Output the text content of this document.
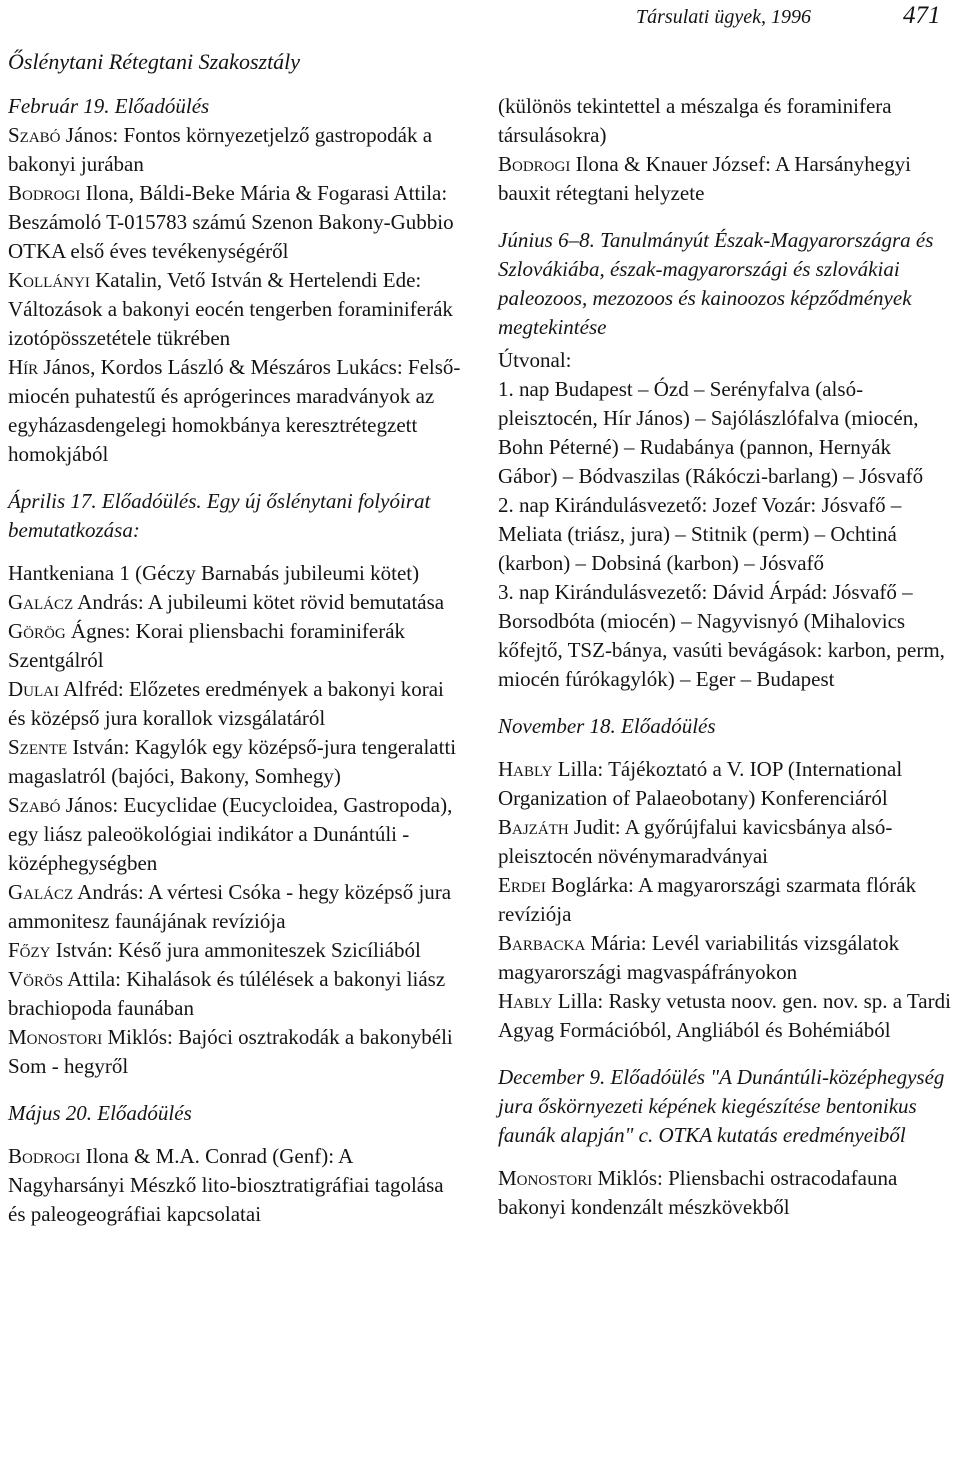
Társulati ügyek, 1996	471

Őslénytani Rétegtani Szakosztály

Február 19. Előadóülés

Szabó János: Fontos környezetjelző gastropodák a bakonyi jurában

Bodrogi Ilona, Báldi-Beke Mária & Fogarasi Attila: Beszámoló T-015783 számú Szenon Bakony-Gubbio OTKA első éves tevékenységéről

Kollányi Katalin, Vető István & Hertelendi Ede: Változások a bakonyi eocén tengerben foraminiferák izotópösszetétele tükrében

Hír János, Kordos László & Mészáros Lukács: Felső-miocén puhatestű és aprógerinces maradványok az egyházasdengelegi homokbánya keresztrétegzett homokjából

Április 17. Előadóülés. Egy új őslénytani folyóirat bemutatkozása:

Hantkeniana 1 (Géczy Barnabás jubileumi kötet)

Galácz András: A jubileumi kötet rövid bemutatása

Görög Ágnes: Korai pliensbachi foraminiferák Szentgálról

Dulai Alfréd: Előzetes eredmények a bakonyi korai és középső jura korallok vizsgálatáról

Szente István: Kagylók egy középső-jura tengeralatti magaslatról (bajóci, Bakony, Somhegy)

Szabó János: Eucyclidae (Eucycloidea, Gastropoda), egy liász paleoökológiai indikátor a Dunántúli - középhegységben

Galácz András: A vértesi Csóka - hegy középső jura ammonitesz faunájának revíziója

Főzy István: Késő jura ammoniteszek Szicíliából

Vörös Attila: Kihalások és túlélések a bakonyi liász brachiopoda faunában

Monostori Miklós: Bajóci osztrakodák a bakonybéli Som - hegyről

Május 20. Előadóülés

Bodrogi Ilona & M.A. Conrad (Genf): A Nagyharsányi Mészkő lito-biosztratigráfiai tagolása és paleogeográfiai kapcsolatai

(különös tekintettel a mészalga és foraminifera társulásokra)

Bodrogi Ilona & Knauer József: A Harsányhegyi bauxit rétegtani helyzete

Június 6–8. Tanulmányút Észak-Magyarországra és Szlovákiába, észak-magyarországi és szlovákiai paleozoos, mezozoos és kainoozos képződmények megtekintése

Útvonal:

1. nap Budapest – Ózd – Serényfalva (alsó-pleisztocén, Hír János) – Sajólászlófalva (miocén, Bohn Péterné) – Rudabánya (pannon, Hernyák Gábor) – Bódvaszilas (Rákóczi-barlang) – Jósvafő

2. nap Kirándulásvezető: Jozef Vozár: Jósvafő – Meliata (triász, jura) – Stitnik (perm) – Ochtiná (karbon) – Dobsiná (karbon) – Jósvafő

3. nap Kirándulásvezető: Dávid Árpád: Jósvafő – Borsodbóta (miocén) – Nagyvisnyó (Mihalovics kőfejtő, TSZ-bánya, vasúti bevágások: karbon, perm, miocén fúrókagylók) – Eger – Budapest

November 18. Előadóülés

Hably Lilla: Tájékoztató a V. IOP (International Organization of Palaeobotany) Konferenciáról

Bajzáth Judit: A győrújfalui kavicsbánya alsó-pleisztocén növénymaradványai

Erdei Boglárka: A magyarországi szarmata flórák revíziója

Barbacka Mária: Levél variabilitás vizsgálatok magyarországi magvaspáfrányokon

Hably Lilla: Rasky vetusta noov. gen. nov. sp. a Tardi Agyag Formációból, Angliából és Bohémiából

December 9. Előadóülés "A Dunántúli-középhegység jura őskörnyezeti képének kiegészítése bentonikus faunák alapján" c. OTKA kutatás eredményeiből

Monostori Miklós: Pliensbachi ostracodafauna bakonyi kondenzált mészkövekből
